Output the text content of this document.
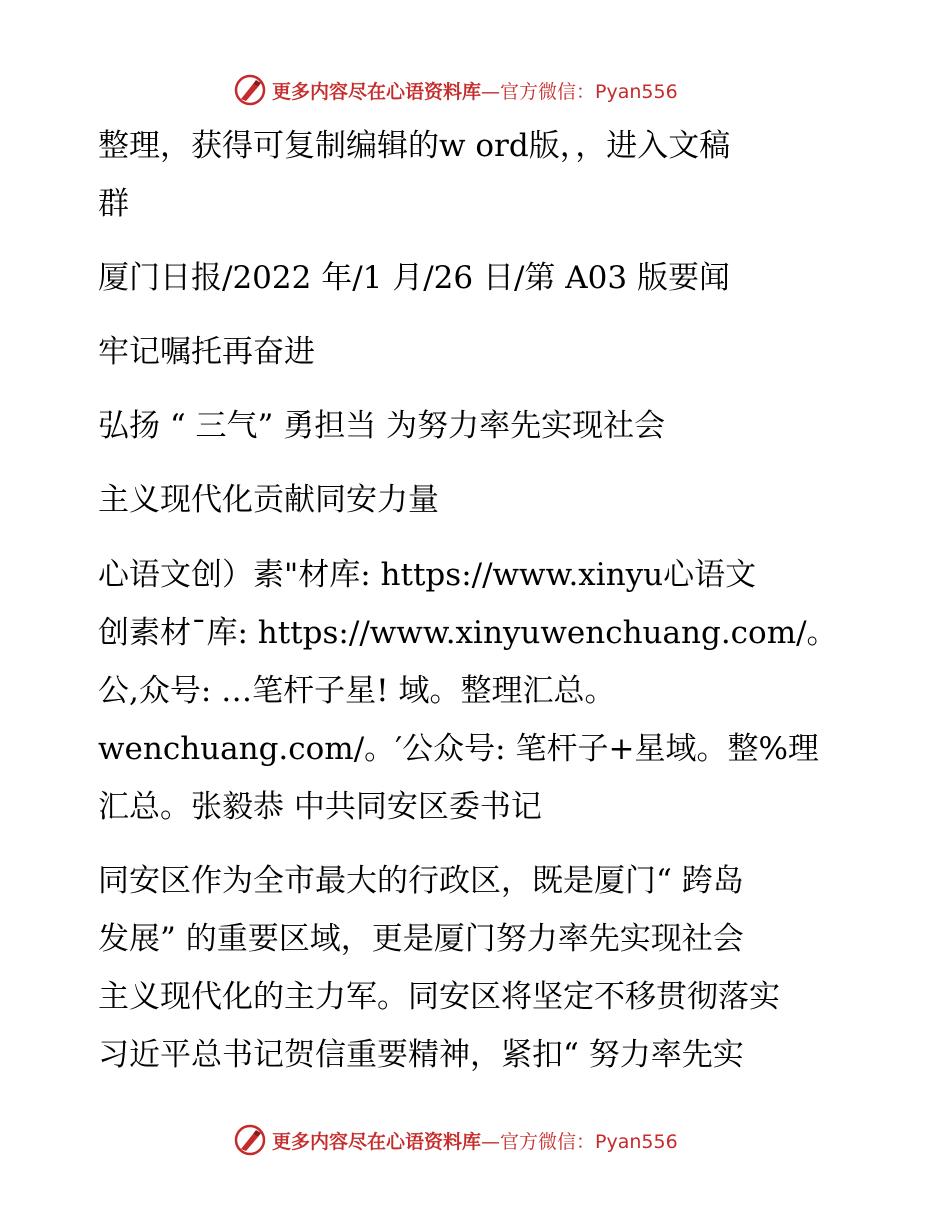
更多内容尽在心语资料库—官方微信：Pyan556
整理，获得可复制编辑的w ord版，，进入文稿
群
厦门日报/2022 年/1 月/26 日/第 A03 版要闻
牢记嘱托再奋进
弘扬 “ 三气” 勇担当 为努力率先实现社会
主义现代化贡献同安力量
心语文创）素"材库: https://www.xinyu心语文
创素材¯库: https://www.xinyuwenchuang.com/。
公,众号: …笔杆子星! 域。整理汇总。
wenchuang.com/。′公众号: 笔杆子+星域。整%理
汇总。张毅恭 中共同安区委书记
同安区作为全市最大的行政区，既是厦门“ 跨岛
发展” 的重要区域，更是厦门努力率先实现社会
主义现代化的主力军。同安区将坚定不移贯彻落实
习近平总书记贺信重要精神，紧扣“ 努力率先实
更多内容尽在心语资料库—官方微信：Pyan556
